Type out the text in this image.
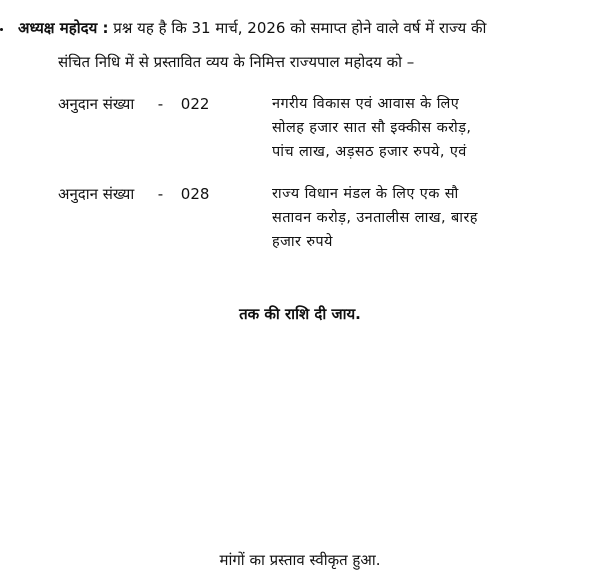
अध्यक्ष महोदय : प्रश्न यह है कि 31 मार्च, 2026 को समाप्त होने वाले वर्ष में राज्य की
संचित निधि में से प्रस्तावित व्यय के निमित्त राज्यपाल महोदय को –
अनुदान संख्या - 022	नगरीय विकास एवं आवास के लिए
सोलह हजार सात सौ इक्कीस करोड़,
पांच लाख, अड़सठ हजार रुपये, एवं
अनुदान संख्या - 028	राज्य विधान मंडल के लिए एक सौ
सतावन करोड़, उनतालीस लाख, बारह
हजार रुपये
तक की राशि दी जाय.
मांगों का प्रस्ताव स्वीकृत हुआ.
